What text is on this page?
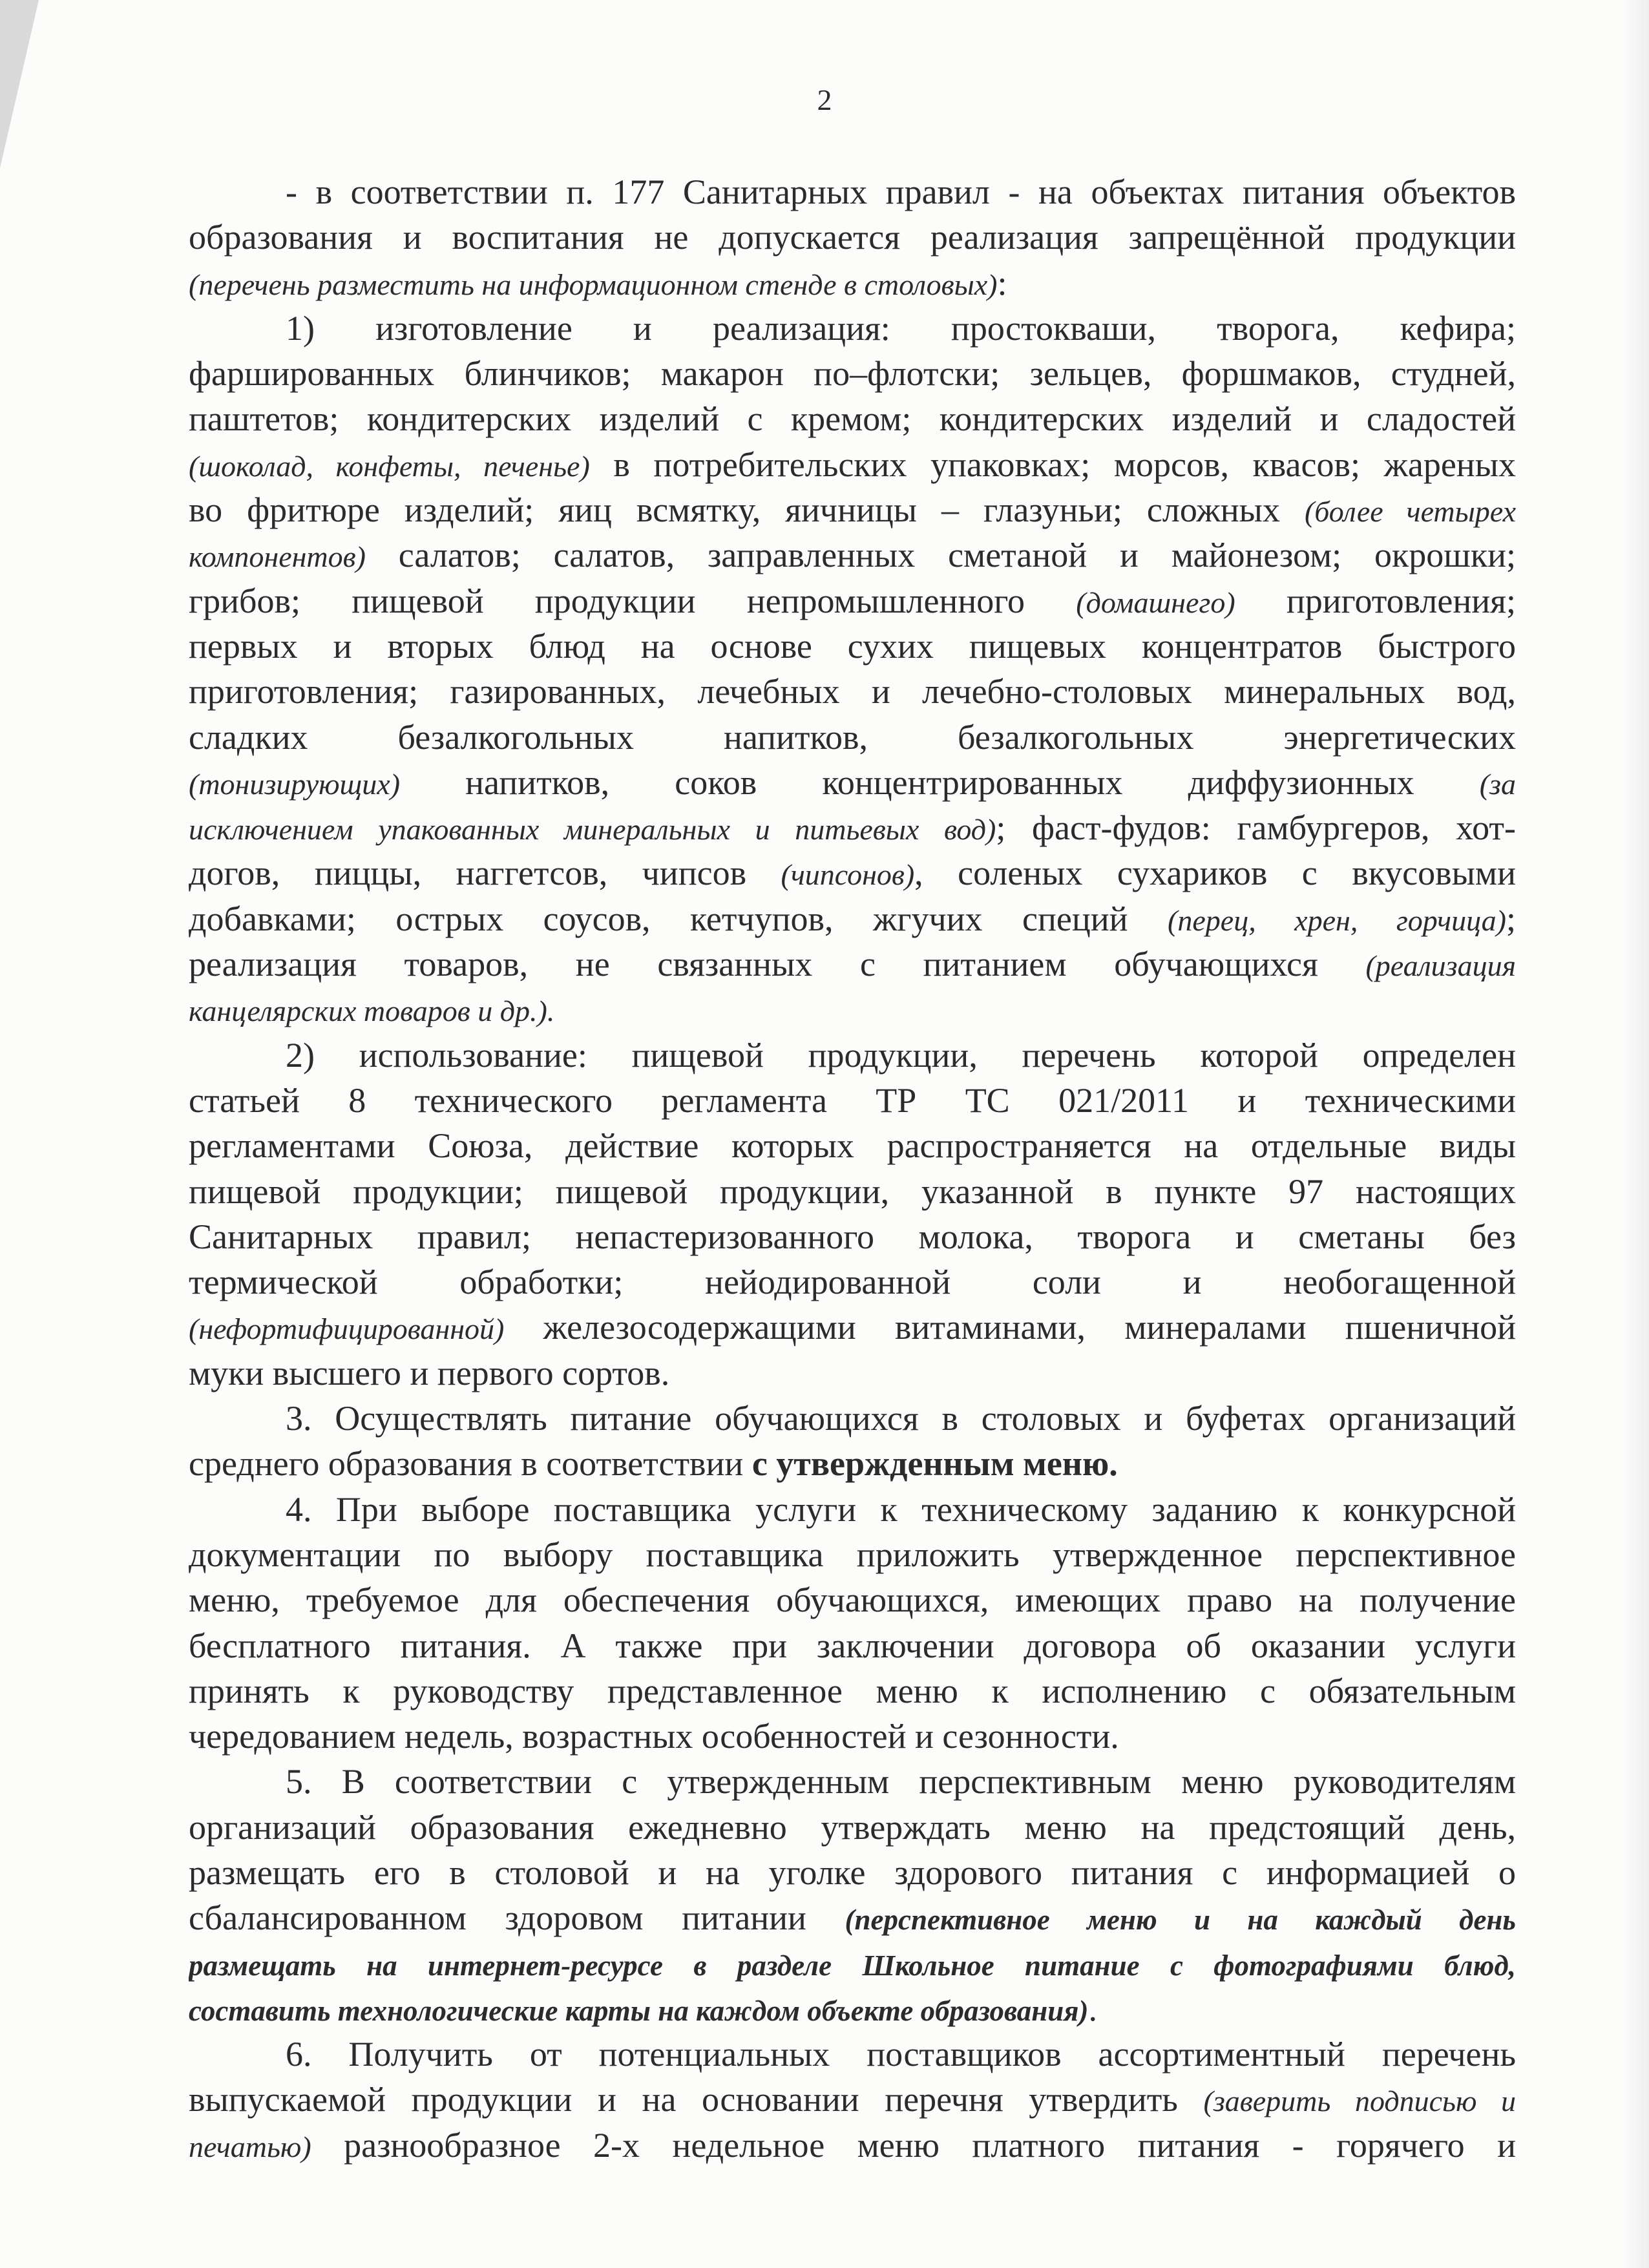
2
- в соответствии п. 177 Санитарных правил - на объектах питания объектов
образования и воспитания не допускается реализация запрещённой продукции
(перечень разместить на информационном стенде в столовых):
1) изготовление и реализация: простокваши, творога, кефира;
фаршированных блинчиков; макарон по–флотски; зельцев, форшмаков, студней,
паштетов; кондитерских изделий с кремом; кондитерских изделий и сладостей
(шоколад, конфеты, печенье) в потребительских упаковках; морсов, квасов; жареных
во фритюре изделий; яиц всмятку, яичницы – глазуньи; сложных (более четырех
компонентов) салатов; салатов, заправленных сметаной и майонезом; окрошки;
грибов; пищевой продукции непромышленного (домашнего) приготовления;
первых и вторых блюд на основе сухих пищевых концентратов быстрого
приготовления; газированных, лечебных и лечебно-столовых минеральных вод,
сладких безалкогольных напитков, безалкогольных энергетических
(тонизирующих) напитков, соков концентрированных диффузионных (за
исключением упакованных минеральных и питьевых вод); фаст-фудов: гамбургеров, хот-
догов, пиццы, наггетсов, чипсов (чипсонов), соленых сухариков с вкусовыми
добавками; острых соусов, кетчупов, жгучих специй (перец, хрен, горчица);
реализация товаров, не связанных с питанием обучающихся (реализация
канцелярских товаров и др.).
2) использование: пищевой продукции, перечень которой определен
статьей 8 технического регламента ТР ТС 021/2011 и техническими
регламентами Союза, действие которых распространяется на отдельные виды
пищевой продукции; пищевой продукции, указанной в пункте 97 настоящих
Санитарных правил; непастеризованного молока, творога и сметаны без
термической обработки; нейодированной соли и необогащенной
(нефортифицированной) железосодержащими витаминами, минералами пшеничной
муки высшего и первого сортов.
3. Осуществлять питание обучающихся в столовых и буфетах организаций
среднего образования в соответствии с утвержденным меню.
4. При выборе поставщика услуги к техническому заданию к конкурсной
документации по выбору поставщика приложить утвержденное перспективное
меню, требуемое для обеспечения обучающихся, имеющих право на получение
бесплатного питания. А также при заключении договора об оказании услуги
принять к руководству представленное меню к исполнению с обязательным
чередованием недель, возрастных особенностей и сезонности.
5. В соответствии с утвержденным перспективным меню руководителям
организаций образования ежедневно утверждать меню на предстоящий день,
размещать его в столовой и на уголке здорового питания с информацией о
сбалансированном здоровом питании (перспективное меню и на каждый день
размещать на интернет-ресурсе в разделе Школьное питание с фотографиями блюд,
составить технологические карты на каждом объекте образования).
6. Получить от потенциальных поставщиков ассортиментный перечень
выпускаемой продукции и на основании перечня утвердить (заверить подписью и
печатью) разнообразное 2-х недельное меню платного питания - горячего и
